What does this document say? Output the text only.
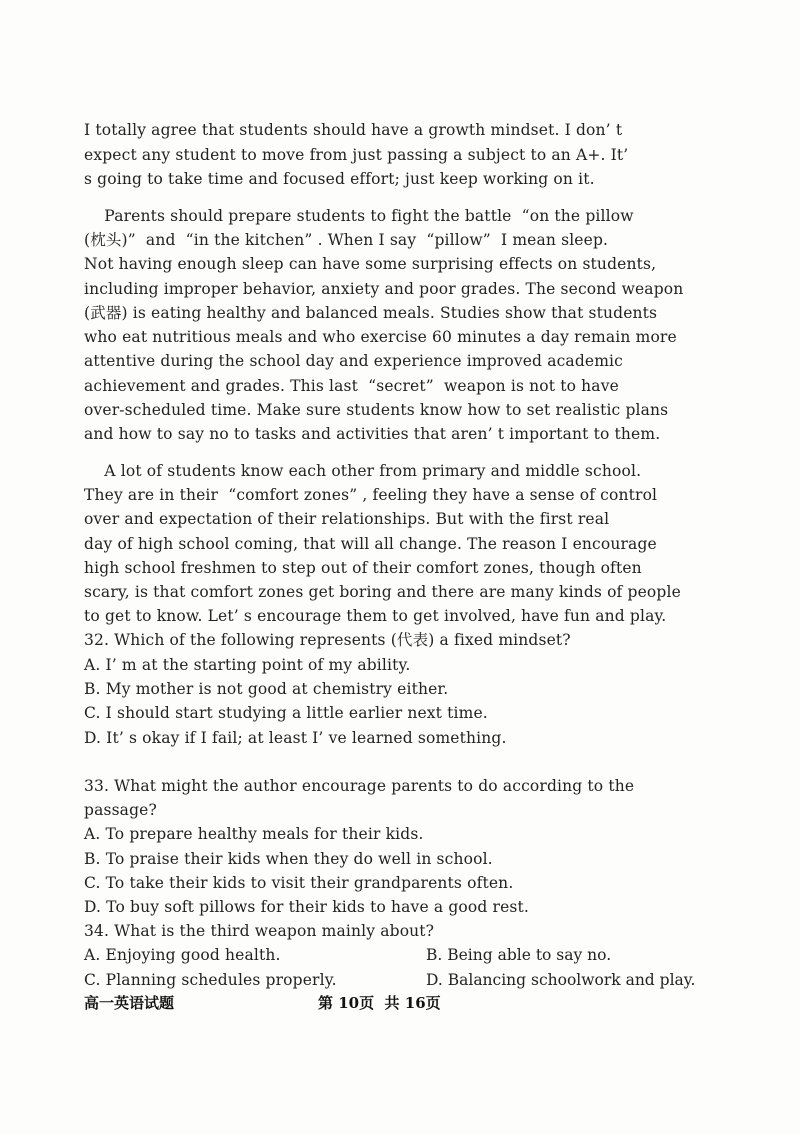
I totally agree that students should have a growth mindset. I don’ t
expect any student to move from just passing a subject to an A+. It’
s going to take time and focused effort; just keep working on it.
Parents should prepare students to fight the battle  “on the pillow
(枕头)”  and  “in the kitchen” . When I say  “pillow”  I mean sleep.
Not having enough sleep can have some surprising effects on students,
including improper behavior, anxiety and poor grades. The second weapon
(武器) is eating healthy and balanced meals. Studies show that students
who eat nutritious meals and who exercise 60 minutes a day remain more
attentive during the school day and experience improved academic
achievement and grades. This last  “secret”  weapon is not to have
over-scheduled time. Make sure students know how to set realistic plans
and how to say no to tasks and activities that aren’ t important to them.
A lot of students know each other from primary and middle school.
They are in their  “comfort zones” , feeling they have a sense of control
over and expectation of their relationships. But with the first real
day of high school coming, that will all change. The reason I encourage
high school freshmen to step out of their comfort zones, though often
scary, is that comfort zones get boring and there are many kinds of people
to get to know. Let’ s encourage them to get involved, have fun and play.
32. Which of the following represents (代表) a fixed mindset?
A. I’ m at the starting point of my ability.
B. My mother is not good at chemistry either.
C. I should start studying a little earlier next time.
D. It’ s okay if I fail; at least I’ ve learned something.
33. What might the author encourage parents to do according to the
passage?
A. To prepare healthy meals for their kids.
B. To praise their kids when they do well in school.
C. To take their kids to visit their grandparents often.
D. To buy soft pillows for their kids to have a good rest.
34. What is the third weapon mainly about?
A. Enjoying good health.	B. Being able to say no.
C. Planning schedules properly.	D. Balancing schoolwork and play.
高一英语试题	第 10页  共 16页
